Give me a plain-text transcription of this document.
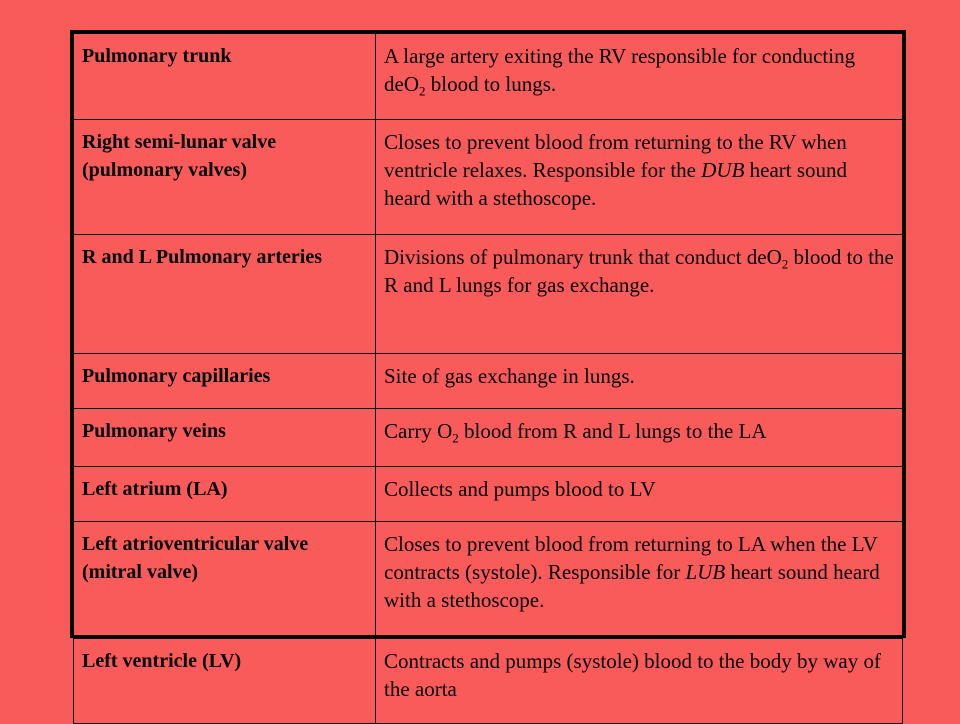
Pulmonary trunk	A large artery exiting the RV responsible for conducting deO$_2$ blood to lungs.
Right semi-lunar valve (pulmonary valves)	Closes to prevent blood from returning to the RV when ventricle relaxes. Responsible for the DUB heart sound heard with a stethoscope.
R and L Pulmonary arteries	Divisions of pulmonary trunk that conduct deO$_2$ blood to the R and L lungs for gas exchange.
Pulmonary capillaries	Site of gas exchange in lungs.
Pulmonary veins	Carry $O_2$ blood from R and L lungs to the LA
Left atrium (LA)	Collects and pumps blood to LV
Left atrioventricular valve (mitral valve)	Closes to prevent blood from returning to LA when the LV contracts (systole). Responsible for LUB heart sound heard with a stethoscope.
Left ventricle (LV)	Contracts and pumps (systole) blood to the body by way of the aorta
